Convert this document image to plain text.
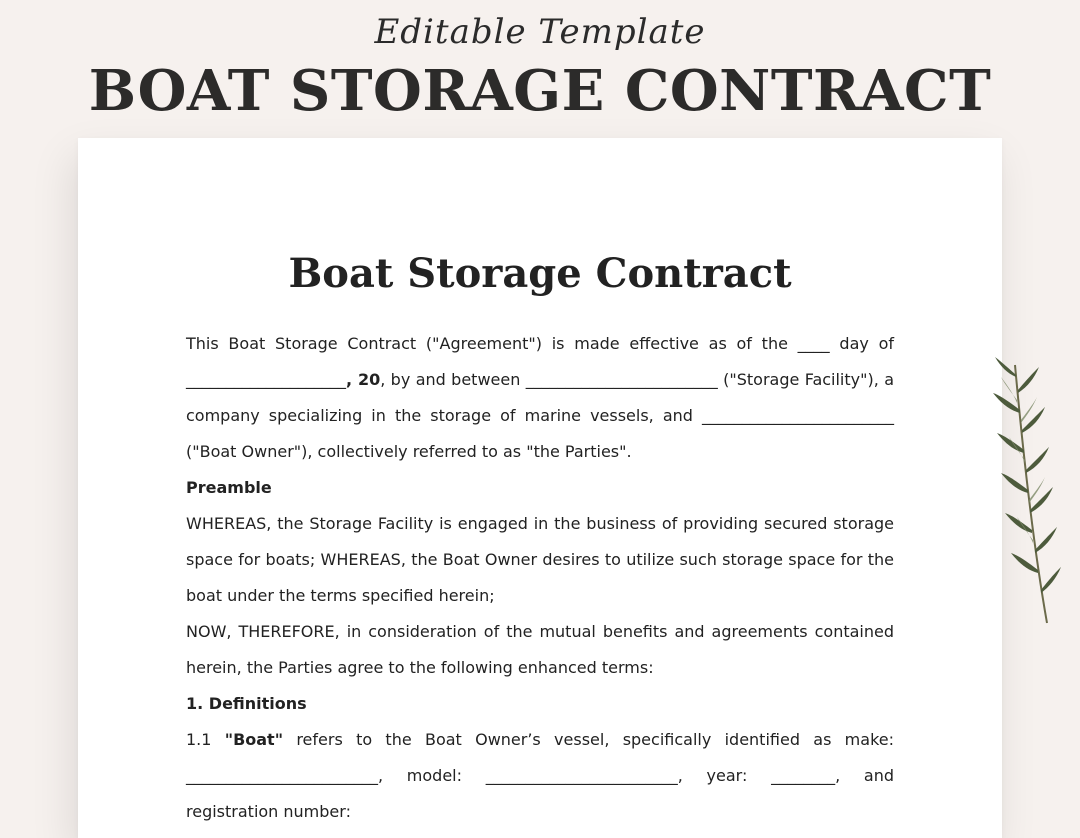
Editable Template
BOAT STORAGE CONTRACT
Boat Storage Contract

This Boat Storage Contract ("Agreement") is made effective as of the ____ day of ____________________, 20, by and between ________________________ ("Storage Facility"), a company specializing in the storage of marine vessels, and ________________________ ("Boat Owner"), collectively referred to as "the Parties".

Preamble

WHEREAS, the Storage Facility is engaged in the business of providing secured storage space for boats; WHEREAS, the Boat Owner desires to utilize such storage space for the boat under the terms specified herein;

NOW, THEREFORE, in consideration of the mutual benefits and agreements contained herein, the Parties agree to the following enhanced terms:

1. Definitions

1.1 "Boat" refers to the Boat Owner’s vessel, specifically identified as make: ________________________, model: ________________________, year: ________, and registration number:
